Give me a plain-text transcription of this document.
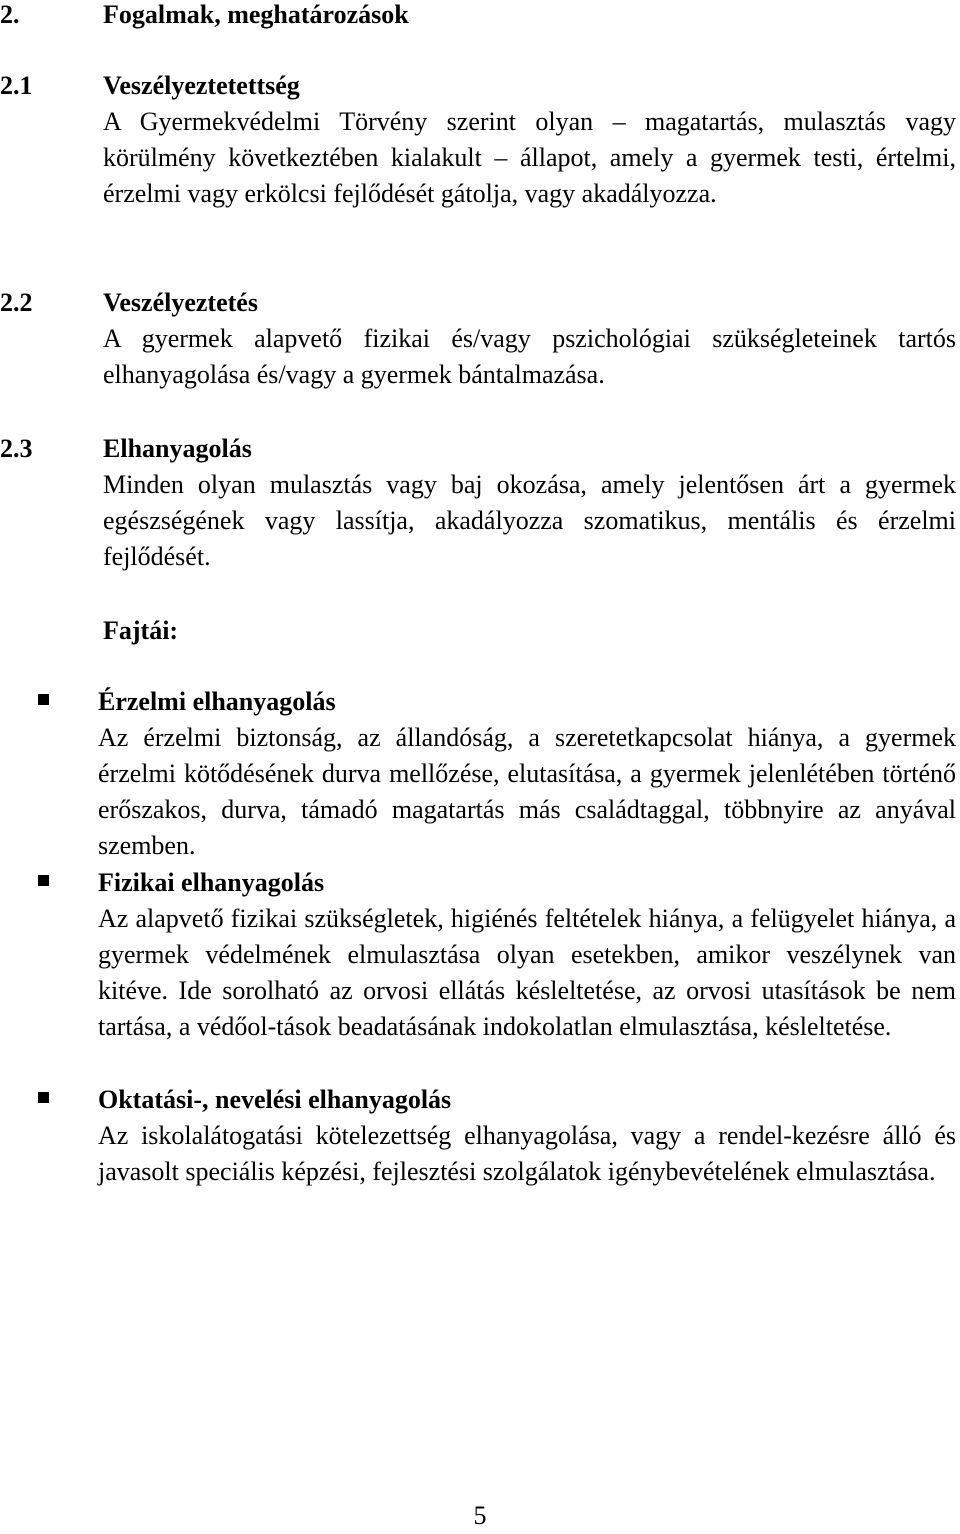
2.	Fogalmak, meghatározások
2.1	Veszélyeztetettség
A Gyermekvédelmi Törvény szerint olyan – magatartás, mulasztás vagy körülmény következtében kialakult – állapot, amely a gyermek testi, értelmi, érzelmi vagy erkölcsi fejlődését gátolja, vagy akadályozza.
2.2	Veszélyeztetés
A gyermek alapvető fizikai és/vagy pszichológiai szükségleteinek tartós elhanyagolása és/vagy a gyermek bántalmazása.
2.3	Elhanyagolás
Minden olyan mulasztás vagy baj okozása, amely jelentősen árt a gyermek egészségének vagy lassítja, akadályozza szomatikus, mentális és érzelmi fejlődését.
Fajtái:
Érzelmi elhanyagolás
Az érzelmi biztonság, az állandóság, a szeretetkapcsolat hiánya, a gyermek érzelmi kötődésének durva mellőzése, elutasítása, a gyermek jelenlétében történő erőszakos, durva, támadó magatartás más családtaggal, többnyire az anyával szemben.
Fizikai elhanyagolás
Az alapvető fizikai szükségletek, higiénés feltételek hiánya, a felügyelet hiánya, a gyermek védelmének elmulasztása olyan esetekben, amikor veszélynek van kitéve. Ide sorolható az orvosi ellátás késleltetése, az orvosi utasítások be nem tartása, a védőol-tások beadatásának indokolatlan elmulasztása, késleltetése.
Oktatási-, nevelési elhanyagolás
Az iskolalátogatási kötelezettség elhanyagolása, vagy a rendel-kezésre álló és javasolt speciális képzési, fejlesztési szolgálatok igénybevételének elmulasztása.
5
